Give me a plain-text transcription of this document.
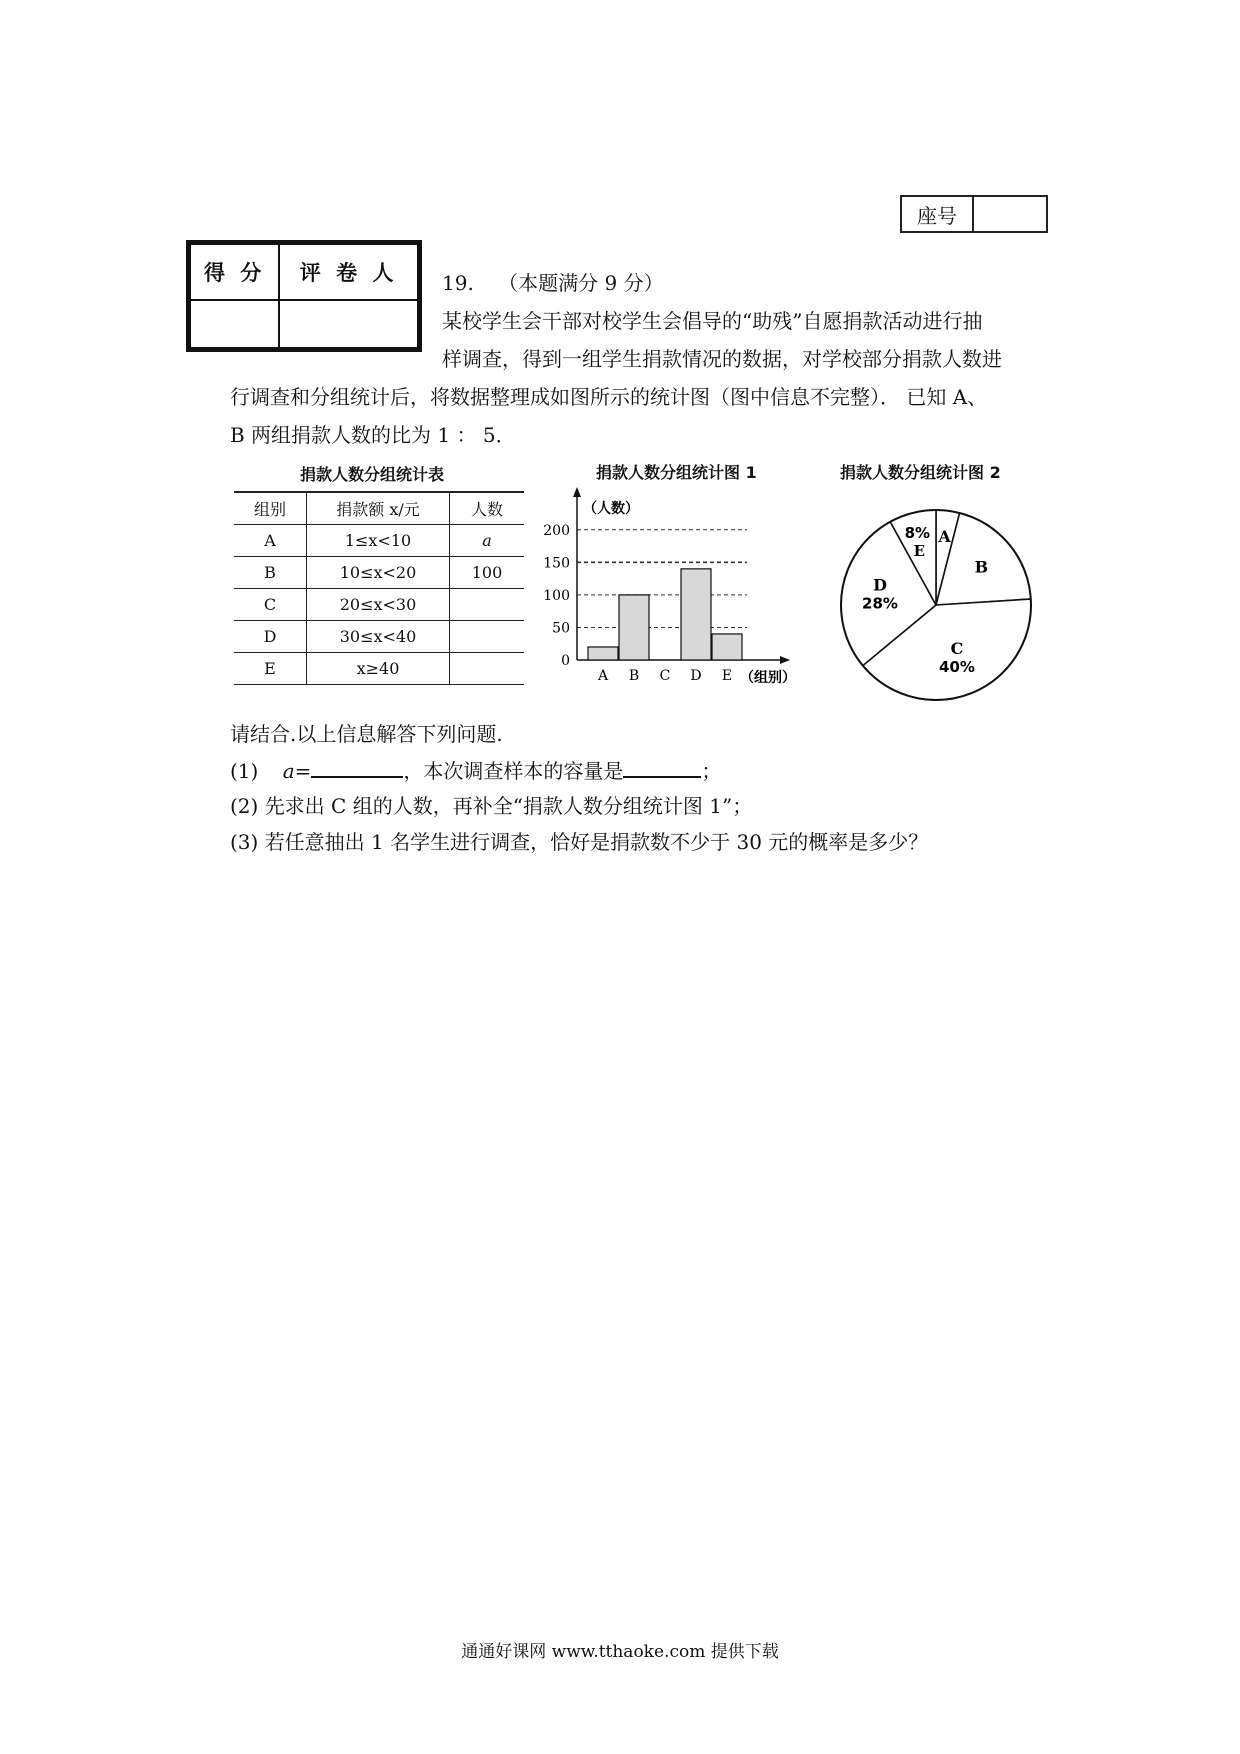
座号
得 分	评 卷 人
	19. （本题满分 9 分）
某校学生会干部对校学生会倡导的“助残”自愿捐款活动进行抽
样调查，得到一组学生捐款情况的数据，对学校部分捐款人数进
行调查和分组统计后，将数据整理成如图所示的统计图（图中信息不完整）． 已知 A、
B 两组捐款人数的比为 1 ： 5．
捐款人数分组统计表
组别	捐款额 x/元	人数
A	1≤x<10	a
B	10≤x<20	100
C	20≤x<30	
D	30≤x<40	
E	x≥40	
捐款人数分组统计图 1
0
50
100
150
200
A B C D E
（人数）
（组别）
捐款人数分组统计图 2
A
B
C
40%
D
28%
8%
E
请结合.以上信息解答下列问题.
(1) a=	，本次调查样本的容量是	；
(2) 先求出 C 组的人数，再补全“捐款人数分组统计图 1”；
(3) 若任意抽出 1 名学生进行调查，恰好是捐款数不少于 30 元的概率是多少？
通通好课网 www.tthaoke.com 提供下载
